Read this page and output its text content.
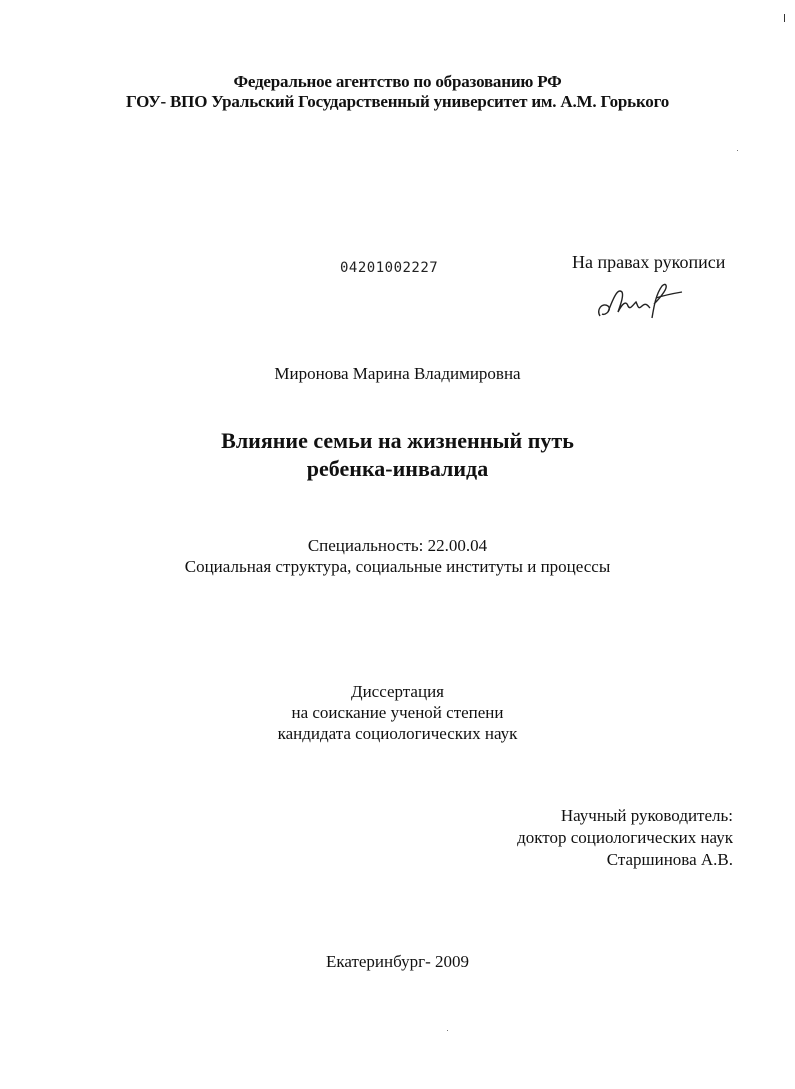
Федеральное агентство по образованию РФ
ГОУ- ВПО Уральский Государственный университет им. А.М. Горького
04201002227	На правах рукописи
Миронова Марина Владимировна
Влияние семьи на жизненный путь
ребенка-инвалида
Специальность: 22.00.04
Социальная структура, социальные институты и процессы
Диссертация
на соискание ученой степени
кандидата социологических наук
Научный руководитель:
доктор социологических наук
Старшинова А.В.
Екатеринбург- 2009
